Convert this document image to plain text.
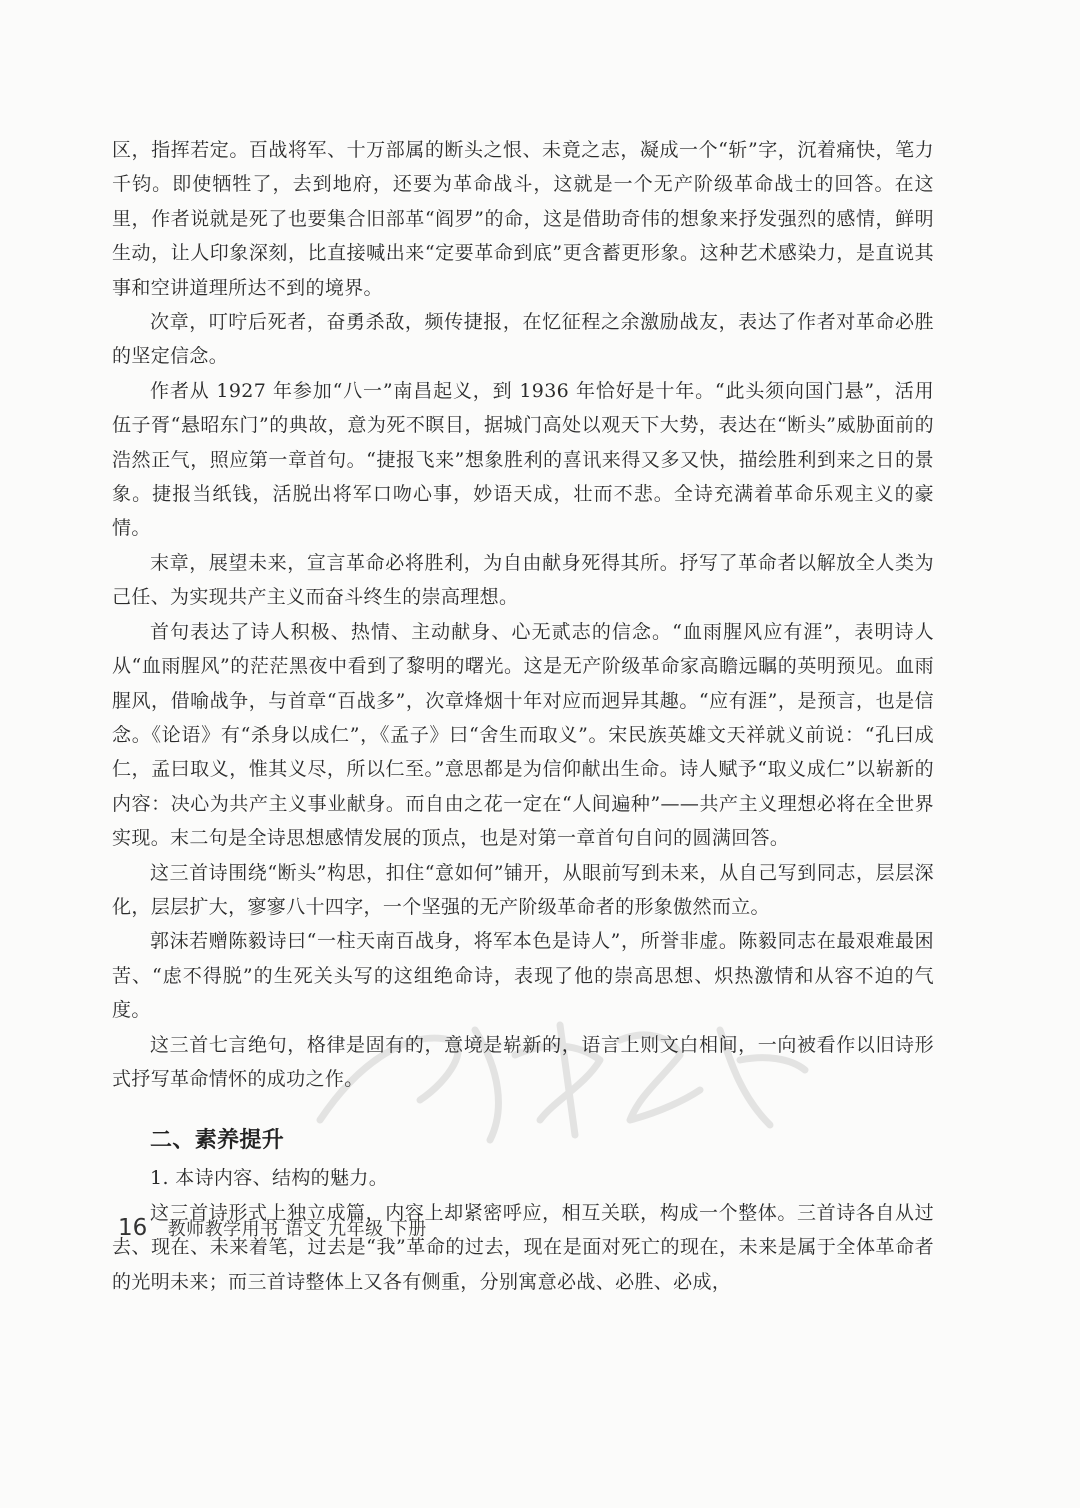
区，指挥若定。百战将军、十万部属的断头之恨、未竟之志，凝成一个“斩”字，沉着痛快，笔力千钧。即使牺牲了，去到地府，还要为革命战斗，这就是一个无产阶级革命战士的回答。在这里，作者说就是死了也要集合旧部革“阎罗”的命，这是借助奇伟的想象来抒发强烈的感情，鲜明生动，让人印象深刻，比直接喊出来“定要革命到底”更含蓄更形象。这种艺术感染力，是直说其事和空讲道理所达不到的境界。

次章，叮咛后死者，奋勇杀敌，频传捷报，在忆征程之余激励战友，表达了作者对革命必胜的坚定信念。

作者从 1927 年参加“八一”南昌起义，到 1936 年恰好是十年。“此头须向国门悬”，活用伍子胥“悬昭东门”的典故，意为死不瞑目，据城门高处以观天下大势，表达在“断头”威胁面前的浩然正气，照应第一章首句。“捷报飞来”想象胜利的喜讯来得又多又快，描绘胜利到来之日的景象。捷报当纸钱，活脱出将军口吻心事，妙语天成，壮而不悲。全诗充满着革命乐观主义的豪情。

末章，展望未来，宣言革命必将胜利，为自由献身死得其所。抒写了革命者以解放全人类为己任、为实现共产主义而奋斗终生的崇高理想。

首句表达了诗人积极、热情、主动献身、心无贰志的信念。“血雨腥风应有涯”，表明诗人从“血雨腥风”的茫茫黑夜中看到了黎明的曙光。这是无产阶级革命家高瞻远瞩的英明预见。血雨腥风，借喻战争，与首章“百战多”，次章烽烟十年对应而迥异其趣。“应有涯”，是预言，也是信念。《论语》有“杀身以成仁”，《孟子》曰“舍生而取义”。宋民族英雄文天祥就义前说：“孔曰成仁，孟曰取义，惟其义尽，所以仁至。”意思都是为信仰献出生命。诗人赋予“取义成仁”以崭新的内容：决心为共产主义事业献身。而自由之花一定在“人间遍种”——共产主义理想必将在全世界实现。末二句是全诗思想感情发展的顶点，也是对第一章首句自问的圆满回答。

这三首诗围绕“断头”构思，扣住“意如何”铺开，从眼前写到未来，从自己写到同志，层层深化，层层扩大，寥寥八十四字，一个坚强的无产阶级革命者的形象傲然而立。

郭沫若赠陈毅诗曰“一柱天南百战身，将军本色是诗人”，所誉非虚。陈毅同志在最艰难最困苦、“虑不得脱”的生死关头写的这组绝命诗，表现了他的崇高思想、炽热激情和从容不迫的气度。

这三首七言绝句，格律是固有的，意境是崭新的，语言上则文白相间，一向被看作以旧诗形式抒写革命情怀的成功之作。

二、素养提升

1. 本诗内容、结构的魅力。

这三首诗形式上独立成篇，内容上却紧密呼应，相互关联，构成一个整体。三首诗各自从过去、现在、未来着笔，过去是“我”革命的过去，现在是面对死亡的现在，未来是属于全体革命者的光明未来；而三首诗整体上又各有侧重，分别寓意必战、必胜、必成，

16 教师教学用书 语文 九年级 下册
